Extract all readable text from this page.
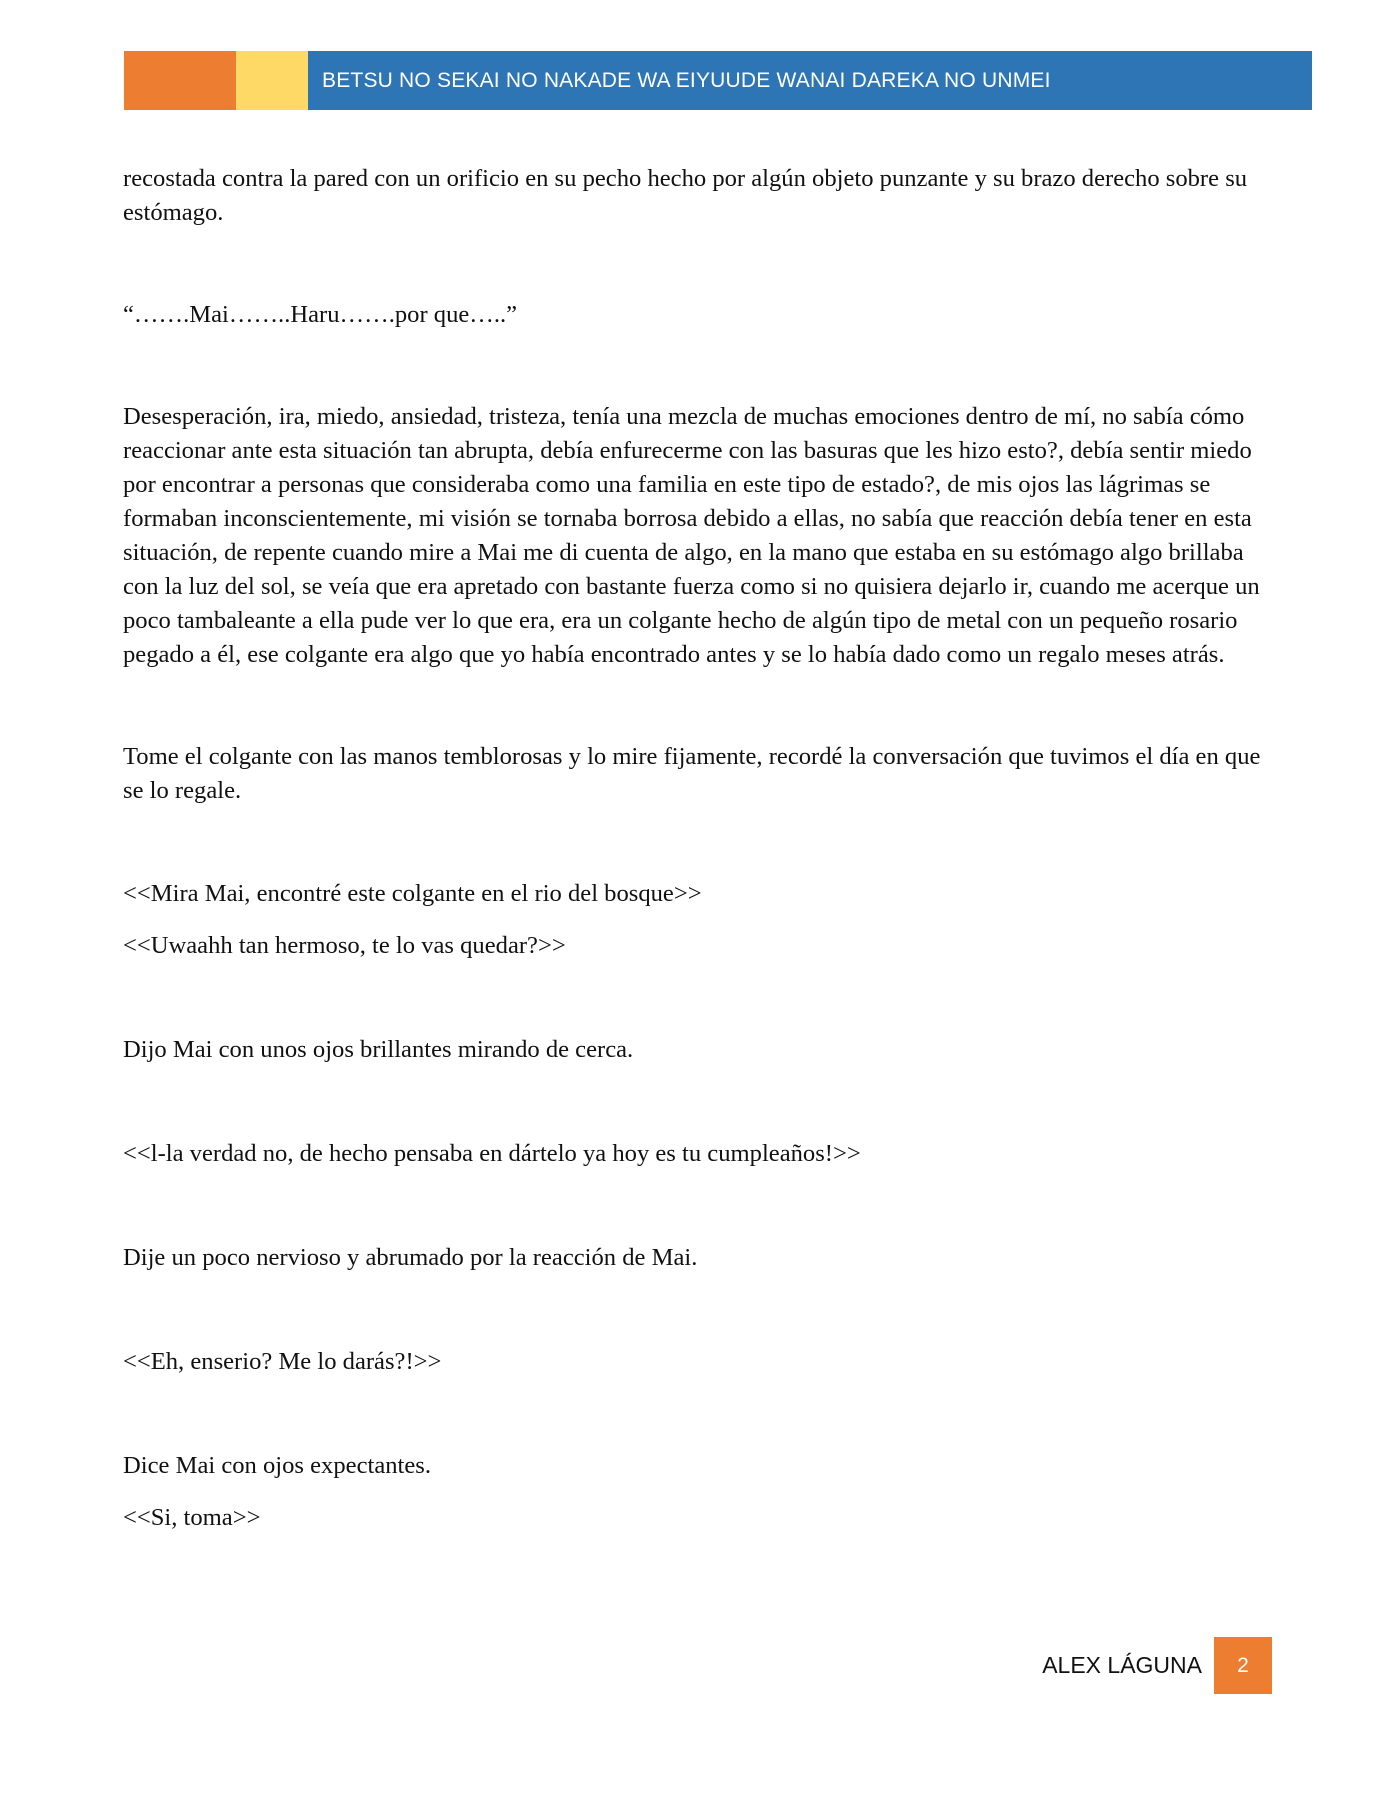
BETSU NO SEKAI NO NAKADE WA EIYUUDE WANAI DAREKA NO UNMEI

recostada contra la pared con un orificio en su pecho hecho por algún objeto punzante y su brazo derecho sobre su estómago.

“…….Mai……..Haru…….por que…..”

Desesperación, ira, miedo, ansiedad, tristeza, tenía una mezcla de muchas emociones dentro de mí, no sabía cómo reaccionar ante esta situación tan abrupta, debía enfurecerme con las basuras que les hizo esto?, debía sentir miedo por encontrar a personas que consideraba como una familia en este tipo de estado?, de mis ojos las lágrimas se formaban inconscientemente, mi visión se tornaba borrosa debido a ellas, no sabía que reacción debía tener en esta situación, de repente cuando mire a Mai me di cuenta de algo, en la mano que estaba en su estómago algo brillaba con la luz del sol, se veía que era apretado con bastante fuerza como si no quisiera dejarlo ir, cuando me acerque un poco tambaleante a ella pude ver lo que era, era un colgante hecho de algún tipo de metal con un pequeño rosario pegado a él, ese colgante era algo que yo había encontrado antes y se lo había dado como un regalo meses atrás.

Tome el colgante con las manos temblorosas y lo mire fijamente, recordé la conversación que tuvimos el día en que se lo regale.

<<Mira Mai, encontré este colgante en el rio del bosque>>

<<Uwaahh tan hermoso, te lo vas quedar?>>

Dijo Mai con unos ojos brillantes mirando de cerca.

<<l-la verdad no, de hecho pensaba en dártelo ya hoy es tu cumpleaños!>>

Dije un poco nervioso y abrumado por la reacción de Mai.

<<Eh, enserio? Me lo darás?!>>

Dice Mai con ojos expectantes.

<<Si, toma>>

ALEX LÁGUNA	2
